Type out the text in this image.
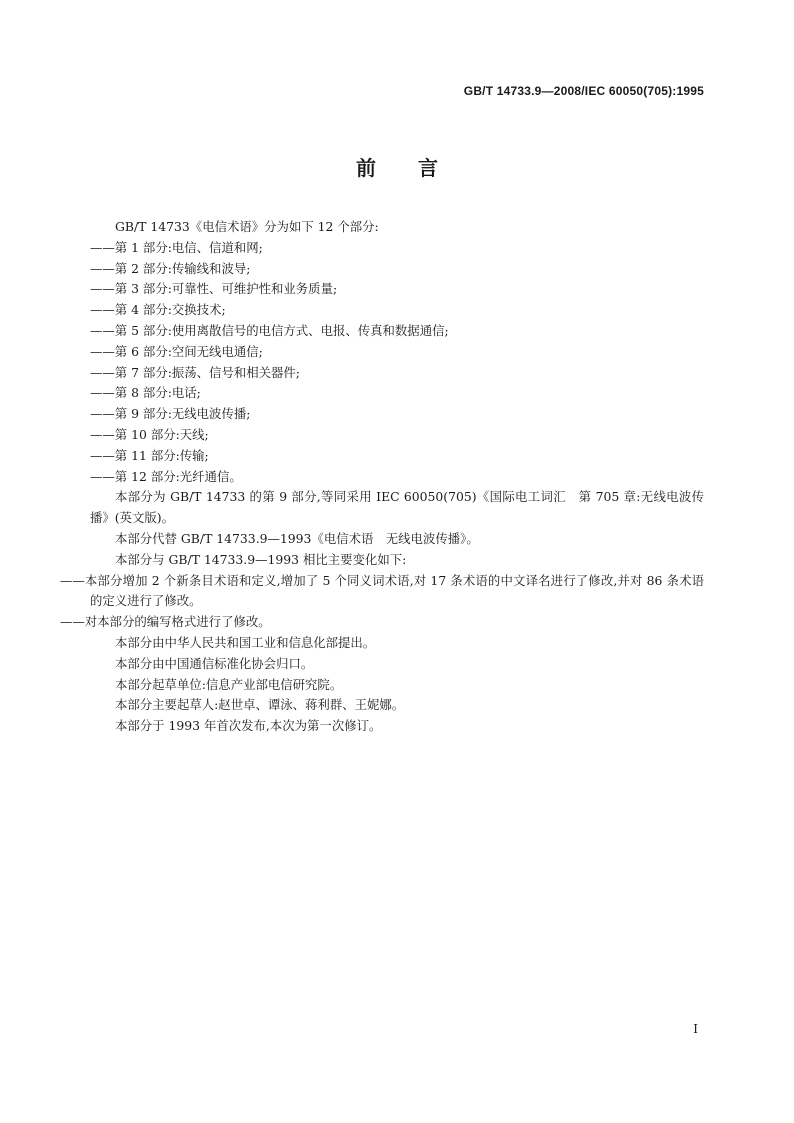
GB/T 14733.9—2008/IEC 60050(705):1995
前言

GB/T 14733《电信术语》分为如下 12 个部分:

——第 1 部分:电信、信道和网;

——第 2 部分:传输线和波导;

——第 3 部分:可靠性、可维护性和业务质量;

——第 4 部分:交换技术;

——第 5 部分:使用离散信号的电信方式、电报、传真和数据通信;

——第 6 部分:空间无线电通信;

——第 7 部分:振荡、信号和相关器件;

——第 8 部分:电话;

——第 9 部分:无线电波传播;

——第 10 部分:天线;

——第 11 部分:传输;

——第 12 部分:光纤通信。

本部分为 GB/T 14733 的第 9 部分,等同采用 IEC 60050(705)《国际电工词汇　第 705 章:无线电波传播》(英文版)。

本部分代替 GB/T 14733.9—1993《电信术语　无线电波传播》。

本部分与 GB/T 14733.9—1993 相比主要变化如下:

——本部分增加 2 个新条目术语和定义,增加了 5 个同义词术语,对 17 条术语的中文译名进行了修改,并对 86 条术语的定义进行了修改。

——对本部分的编写格式进行了修改。

本部分由中华人民共和国工业和信息化部提出。

本部分由中国通信标准化协会归口。

本部分起草单位:信息产业部电信研究院。

本部分主要起草人:赵世卓、谭泳、蒋利群、王妮娜。

本部分于 1993 年首次发布,本次为第一次修订。

I
